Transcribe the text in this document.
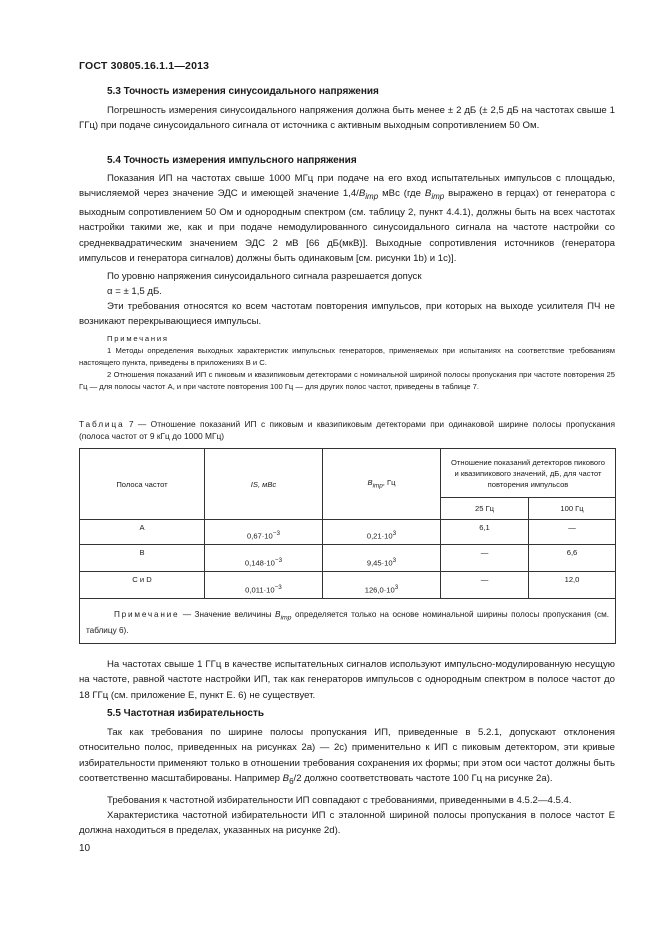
ГОСТ 30805.16.1.1—2013
5.3 Точность измерения синусоидального напряжения
Погрешность измерения синусоидального напряжения должна быть менее ± 2 дБ (± 2,5 дБ на частотах свыше 1 ГГц) при подаче синусоидального сигнала от источника с активным выходным сопротивлением 50 Ом.
5.4 Точность измерения импульсного напряжения
Показания ИП на частотах свыше 1000 МГц при подаче на его вход испытательных импульсов с площадью, вычисляемой через значение ЭДС и имеющей значение $1,4/B_{imp}$ мВс (где $B_{imp}$ выражено в герцах) от генератора с выходным сопротивлением 50 Ом и однородным спектром (см. таблицу 2, пункт 4.4.1), должны быть на всех частотах настройки такими же, как и при подаче немодулированного синусоидального сигнала на частоте настройки со среднеквадратическим значением ЭДС 2 мВ [66 дБ(мкВ)]. Выходные сопротивления источников (генератора импульсов и генератора сигналов) должны быть одинаковым [см. рисунки 1b) и 1c)].
По уровню напряжения синусоидального сигнала разрешается допуск
α = ± 1,5 дБ.
Эти требования относятся ко всем частотам повторения импульсов, при которых на выходе усилителя ПЧ не возникают перекрывающиеся импульсы.
Примечания
1 Методы определения выходных характеристик импульсных генераторов, применяемых при испытаниях на соответствие требованиям настоящего пункта, приведены в приложениях В и С.
2 Отношения показаний ИП с пиковым и квазипиковым детекторами с номинальной шириной полосы пропускания при частоте повторения 25 Гц — для полосы частот А, и при частоте повторения 100 Гц — для других полос частот, приведены в таблице 7.
Таблица 7 — Отношение показаний ИП с пиковым и квазипиковым детекторами при одинаковой ширине полосы пропускания (полоса частот от 9 кГц до 1000 МГц)
Полоса частот	IS, мВс	$B_{imp}$, Гц	Отношение показаний детекторов пикового и квазипикового значений, дБ, для частот повторения импульсов	
			25 Гц	100 Гц
A	$0,67\cdot 10^{-3}$	$0,21\cdot 10^3$	6,1	—
B	$0,148\cdot 10^{-3}$	$9,45\cdot 10^3$	—	6,6
C и D	$0,011\cdot 10^{-3}$	$126,0\cdot 10^3$	—	12,0
Примечание — Значение величины $B_{imp}$ определяется только на основе номинальной ширины полосы пропускания (см. таблицу 6).				
На частотах свыше 1 ГГц в качестве испытательных сигналов используют импульсно-модулированную несущую на частоте, равной частоте настройки ИП, так как генераторов импульсов с однородным спектром в полосе частот до 18 ГГц (см. приложение Е, пункт Е. 6) не существует.
5.5 Частотная избирательность
Так как требования по ширине полосы пропускания ИП, приведенные в 5.2.1, допускают отклонения относительно полос, приведенных на рисунках 2а) — 2с) применительно к ИП с пиковым детектором, эти кривые избирательности применяют только в отношении требования сохранения их формы; при этом оси частот должны быть соответственно масштабированы. Например $B_6/2$ должно соответствовать частоте 100 Гц на рисунке 2а).
Требования к частотной избирательности ИП совпадают с требованиями, приведенными в 4.5.2—4.5.4.
Характеристика частотной избирательности ИП с эталонной шириной полосы пропускания в полосе частот Е должна находиться в пределах, указанных на рисунке 2d).
10
